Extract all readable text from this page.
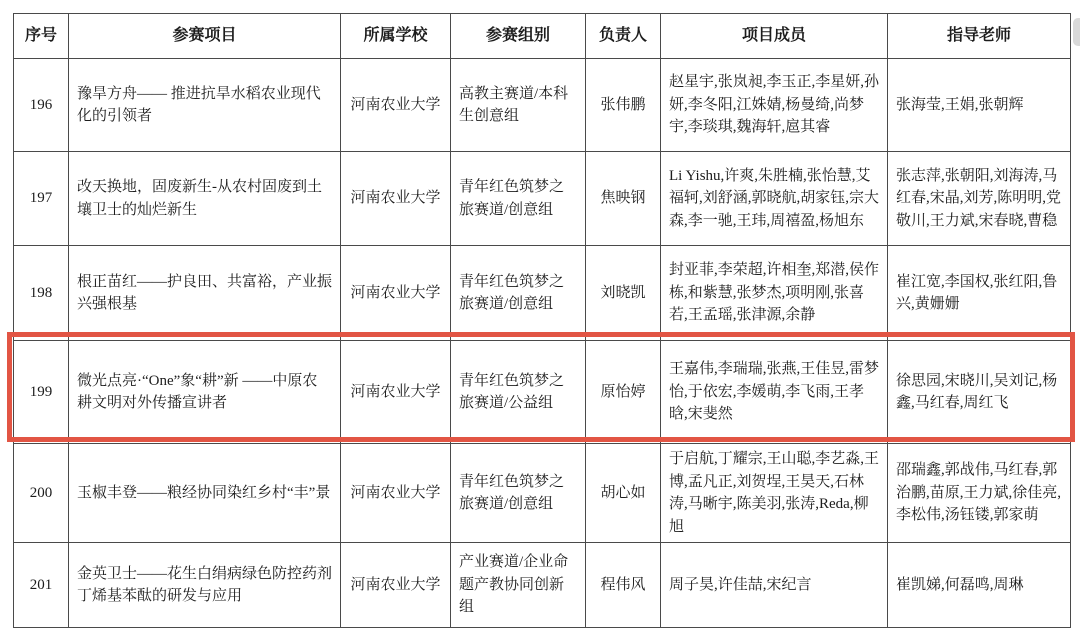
序号	参赛项目	所属学校	参赛组别	负责人	项目成员	指导老师
196	豫旱方舟—— 推进抗旱水稻农业现代化的引领者	河南农业大学	高教主赛道/本科生创意组	张伟鹏	赵星宇,张岚昶,李玉正,李星妍,孙妍,李冬阳,江姝婧,杨曼绮,尚梦宇,李琰琪,魏海轩,扈其睿	张海莹,王娟,张朝辉
197	改天换地，固废新生-从农村固废到土壤卫士的灿烂新生	河南农业大学	青年红色筑梦之旅赛道/创意组	焦映钢	Li Yishu,许爽,朱胜楠,张怡慧,艾福轲,刘舒涵,郭晓航,胡家钰,宗大森,李一驰,王玮,周禧盈,杨旭东	张志萍,张朝阳,刘海涛,马红春,宋晶,刘芳,陈明明,党敬川,王力斌,宋春晓,曹稳
198	根正苗红——护良田、共富裕，产业振兴强根基	河南农业大学	青年红色筑梦之旅赛道/创意组	刘晓凯	封亚菲,李荣超,许相奎,郑潜,侯作栋,和紫慧,张梦杰,项明刚,张喜若,王孟瑶,张津源,余静	崔江宽,李国权,张红阳,鲁兴,黄姗姗
199	微光点亮·“One”象“耕”新 ——中原农耕文明对外传播宣讲者	河南农业大学	青年红色筑梦之旅赛道/公益组	原怡婷	王嘉伟,李瑞瑞,张燕,王佳昱,雷梦怡,于依宏,李媛萌,李飞雨,王孝晗,宋斐然	徐思园,宋晓川,吴刘记,杨鑫,马红春,周红飞
200	玉椒丰登——粮经协同染红乡村“丰”景	河南农业大学	青年红色筑梦之旅赛道/创意组	胡心如	于启航,丁耀宗,王山聪,李艺淼,王博,孟凡正,刘贺埕,王昊天,石林涛,马晰宇,陈美羽,张涛,Reda,柳旭	邵瑞鑫,郭战伟,马红春,郭治鹏,苗原,王力斌,徐佳亮,李松伟,汤钰镂,郭家萌
201	金英卫士——花生白绢病绿色防控药剂丁烯基苯酞的研发与应用	河南农业大学	产业赛道/企业命题产教协同创新组	程伟风	周子昊,许佳喆,宋纪言	崔凯娣,何磊鸣,周琳
